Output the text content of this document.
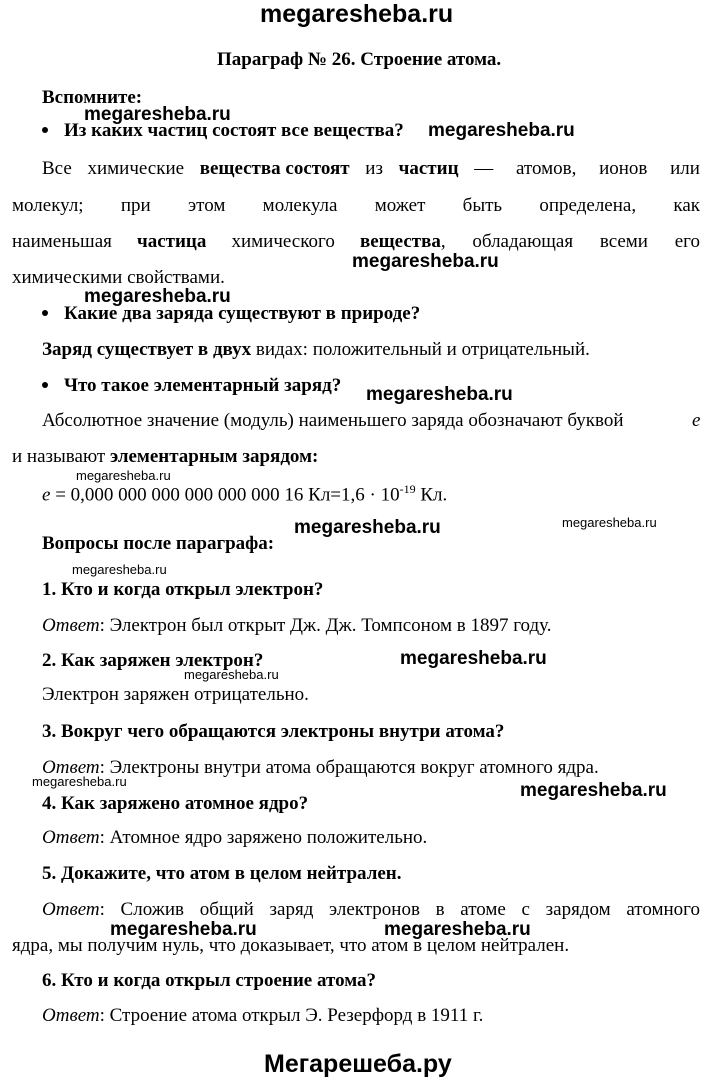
megaresheba.ru
Параграф № 26. Строение атома.
Вспомните:
Из каких частиц состоят все вещества?
Все химические вещества состоят из частиц — атомов, ионов или
молекул; при этом молекула может быть определена, как
наименьшая частица химического вещества, обладающая всеми его
химическими свойствами.
Какие два заряда существуют в природе?
Заряд существует в двух видах: положительный и отрицательный.
Что такое элементарный заряд?
Абсолютное значение (модуль) наименьшего заряда обозначают буквой	e
и называют элементарным зарядом:
e = 0,000 000 000 000 000 000 16 $Кл=1,6 \cdot 10^{-19}$ Кл.
Вопросы после параграфа:
1. Кто и когда открыл электрон?
Ответ: Электрон был открыт Дж. Дж. Томпсоном в 1897 году.
2. Как заряжен электрон?
Электрон заряжен отрицательно.
3. Вокруг чего обращаются электроны внутри атома?
Ответ: Электроны внутри атома обращаются вокруг атомного ядра.
4. Как заряжено атомное ядро?
Ответ: Атомное ядро заряжено положительно.
5. Докажите, что атом в целом нейтрален.
Ответ : Сложив общий заряд электронов в атоме с зарядом атомного
ядра, мы получим нуль, что доказывает, что атом в целом нейтрален.
6. Кто и когда открыл строение атома?
Ответ: Строение атома открыл Э. Резерфорд в 1911 г.
Мегарешеба.ру
megaresheba.ru
megaresheba.ru
megaresheba.ru
megaresheba.ru
megaresheba.ru
megaresheba.ru
megaresheba.ru	megaresheba.ru
megaresheba.ru
megaresheba.ru
megaresheba.ru
megaresheba.ru	megaresheba.ru
megaresheba.ru	megaresheba.ru
